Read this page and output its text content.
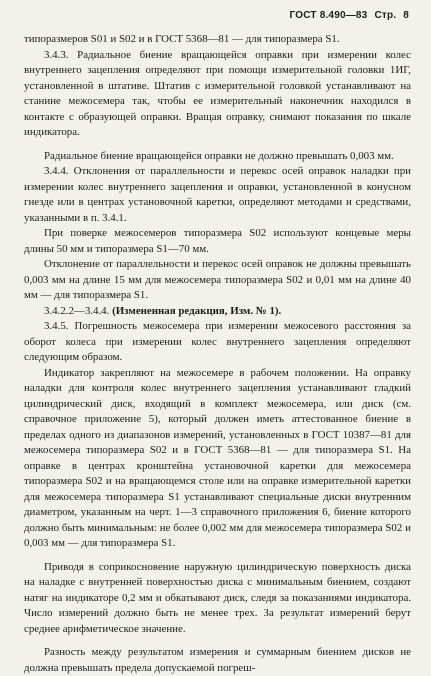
ГОСТ 8.490—83 Стр. 8

типоразмеров S01 и S02 и в ГОСТ 5368—81 — для типоразмера S1.

3.4.3. Радиальное биение вращающейся оправки при измерении колес внутреннего зацепления определяют при помощи измерительной головки 1ИГ, установленной в штативе. Штатив с измерительной головкой устанавливают на станине межосемера так, чтобы ее измерительный наконечник находился в контакте с образующей оправки. Вращая оправку, снимают показания по шкале индикатора.

Радиальное биение вращающейся оправки не должно превышать 0,003 мм.

3.4.4. Отклонения от параллельности и перекос осей оправок наладки при измерении колес внутреннего зацепления и оправки, установленной в конусном гнезде или в центрах установочной каретки, определяют методами и средствами, указанными в п. 3.4.1.

При поверке межосемеров типоразмера S02 используют концевые меры длины 50 мм и типоразмера S1—70 мм.

Отклонение от параллельности и перекос осей оправок не должны превышать 0,003 мм на длине 15 мм для межосемера типоразмера S02 и 0,01 мм на длине 40 мм — для типоразмера S1.

3.4.2.2—3.4.4. (Измененная редакция, Изм. № 1).

3.4.5. Погрешность межосемера при измерении межосевого расстояния за оборот колеса при измерении колес внутреннего зацепления определяют следующим образом.

Индикатор закрепляют на межосемере в рабочем положении. На оправку наладки для контроля колес внутреннего зацепления устанавливают гладкий цилиндрический диск, входящий в комплект межосемера, или диск (см. справочное приложение 5), который должен иметь аттестованное биение в пределах одного из диапазонов измерений, установленных в ГОСТ 10387—81 для межосемера типоразмера S02 и в ГОСТ 5368—81 — для типоразмера S1. На оправке в центрах кронштейна установочной каретки для межосемера типоразмера S02 и на вращающемся столе или на оправке измерительной каретки для межосемера типоразмера S1 устанавливают специальные диски внутренним диаметром, указанным на черт. 1—3 справочного приложения 6, биение которого должно быть минимальным: не более 0,002 мм для межосемера типоразмера S02 и 0,003 мм — для типоразмера S1.

Приводя в соприкосновение наружную цилиндрическую поверхность диска на наладке с внутренней поверхностью диска с минимальным биением, создают натяг на индикаторе 0,2 мм и обкатывают диск, следя за показаниями индикатора. Число измерений должно быть не менее трех. За результат измерений берут среднее арифметическое значение.

Разность между результатом измерения и суммарным биением дисков не должна превышать предела допускаемой погреш-
